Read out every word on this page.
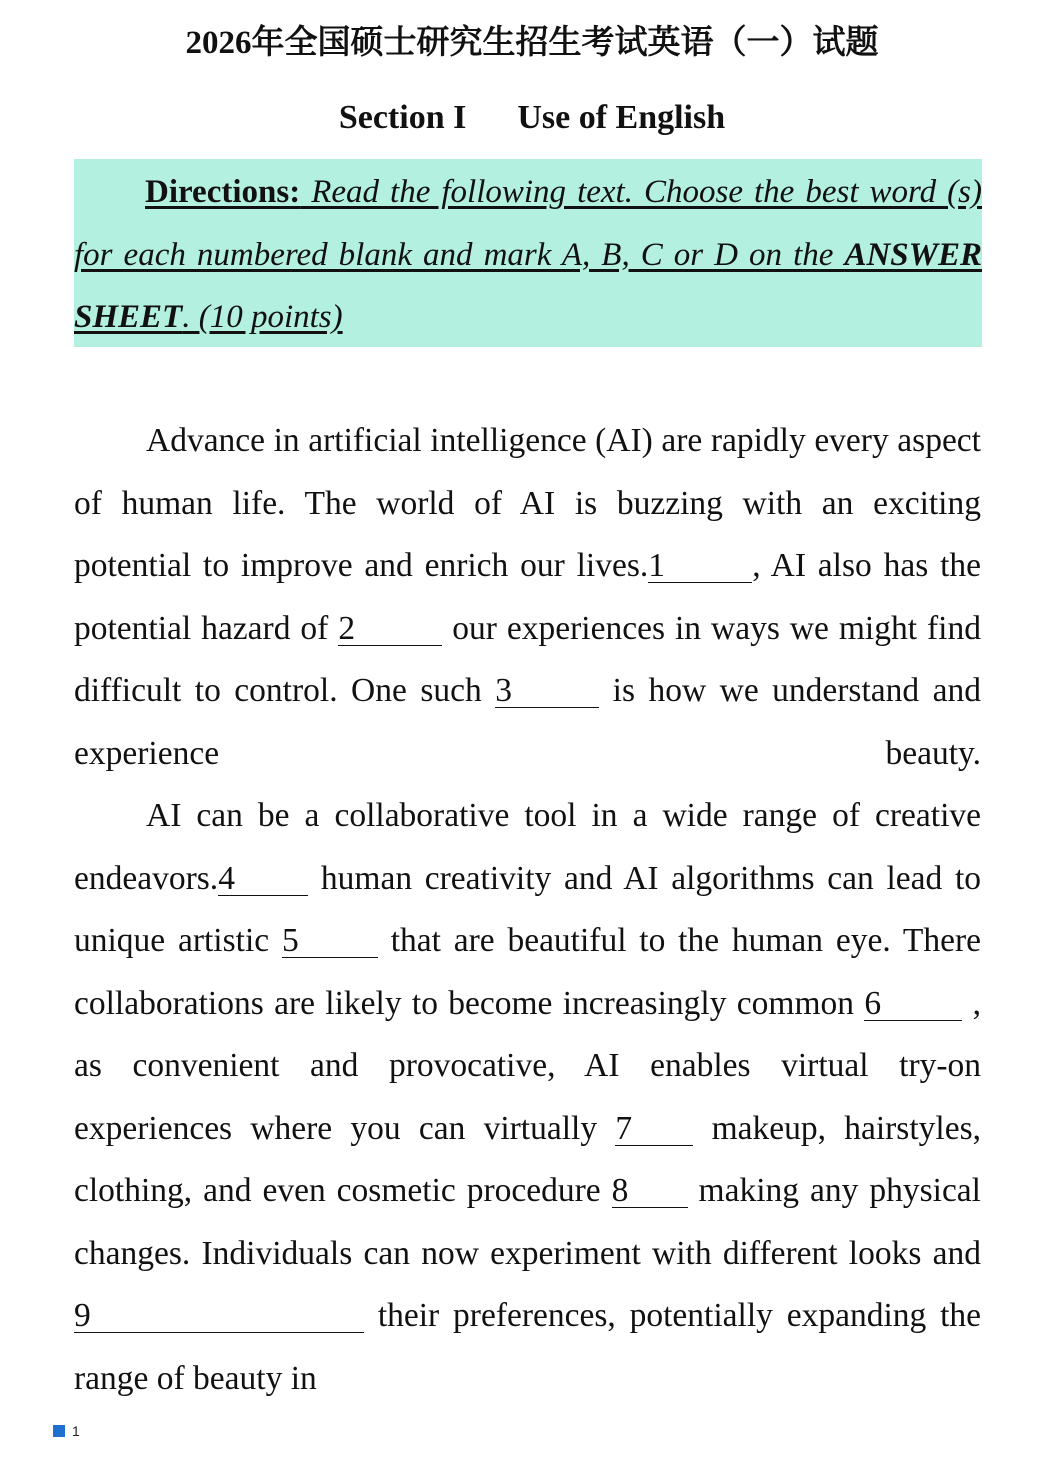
2026年全国硕士研究生招生考试英语（一）试题
Section I Use of English
Directions: Read the following text. Choose the best word (s) for each numbered blank and mark A, B, C or D on the ANSWER SHEET. (10 points)

Advance in artificial intelligence (AI) are rapidly every aspect of human life. The world of AI is buzzing with an exciting potential to improve and enrich our lives.1	, AI also has the potential hazard of 2	our experiences in ways we might find difficult to control. One such 3	is how we understand and experience beauty.

AI can be a collaborative tool in a wide range of creative endeavors.4 human creativity and AI algorithms can lead to unique artistic 5 that are beautiful to the human eye. There collaborations are likely to become increasingly common 6 , as convenient and provocative, AI enables virtual try-on experiences where you can virtually 7 makeup, hairstyles, clothing, and even cosmetic procedure 8 making any physical changes. Individuals can now experiment with different looks and9	their preferences, potentially expanding the range of beauty in

1
